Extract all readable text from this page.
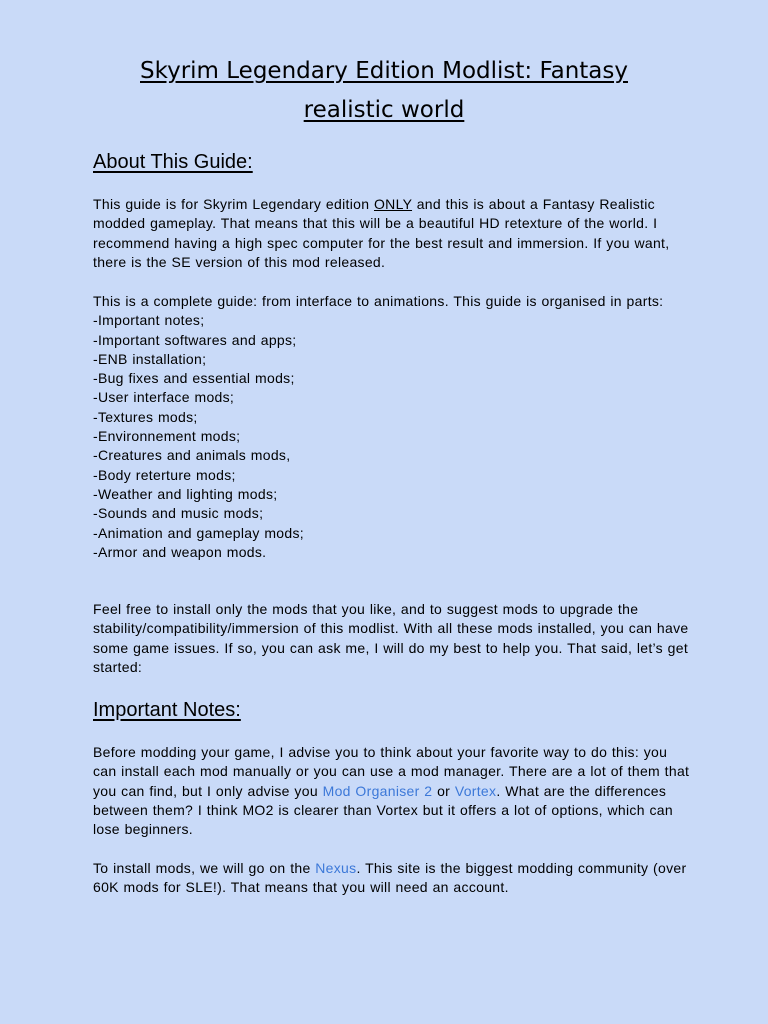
Skyrim Legendary Edition Modlist: Fantasy
realistic world
About This Guide:

This guide is for Skyrim Legendary edition ONLY and this is about a Fantasy Realistic modded gameplay. That means that this will be a beautiful HD retexture of the world. I recommend having a high spec computer for the best result and immersion. If you want, there is the SE version of this mod released.

This is a complete guide: from interface to animations. This guide is organised in parts:

-Important notes;
-Important softwares and apps;
-ENB installation;
-Bug fixes and essential mods;
-User interface mods;
-Textures mods;
-Environnement mods;
-Creatures and animals mods,
-Body reterture mods;
-Weather and lighting mods;
-Sounds and music mods;
-Animation and gameplay mods;
-Armor and weapon mods.

Feel free to install only the mods that you like, and to suggest mods to upgrade the stability/compatibility/immersion of this modlist. With all these mods installed, you can have some game issues. If so, you can ask me, I will do my best to help you. That said, let’s get started:

Important Notes:

Before modding your game, I advise you to think about your favorite way to do this: you can install each mod manually or you can use a mod manager. There are a lot of them that you can find, but I only advise you Mod Organiser 2 or Vortex. What are the differences between them? I think MO2 is clearer than Vortex but it offers a lot of options, which can lose beginners.

To install mods, we will go on the Nexus. This site is the biggest modding community (over 60K mods for SLE!). That means that you will need an account.
